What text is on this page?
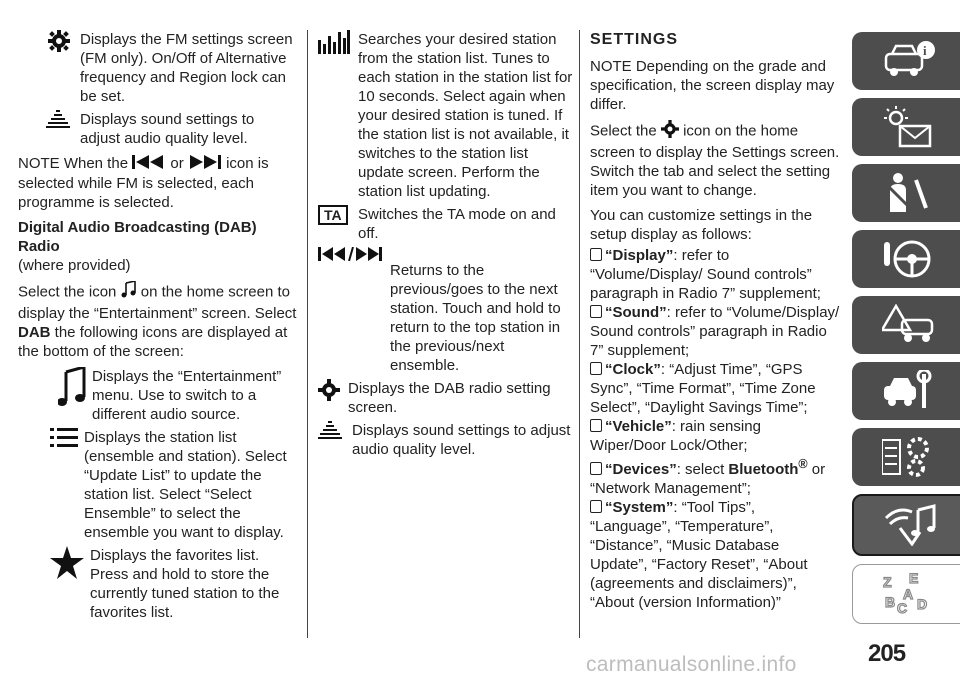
Displays the FM settings screen (FM only). On/Off of Alternative frequency and Region lock can be set.
Displays sound settings to adjust audio quality level.

NOTE When the	or	icon is selected while FM is selected, each programme is selected.

Digital Audio Broadcasting (DAB) Radio

(where provided)

Select the icon on the home screen to display the “Entertainment” screen. Select DAB the following icons are displayed at the bottom of the screen:

Displays the “Entertainment” menu. Use to switch to a different audio source.
Displays the station list (ensemble and station). Select “Update List” to update the station list. Select “Select Ensemble” to select the ensemble you want to display.
Displays the favorites list. Press and hold to store the currently tuned station to the favorites list.
Searches your desired station from the station list. Tunes to each station in the station list for 10 seconds. Select again when your desired station is tuned. If the station list is not available, it switches to the station list update screen. Perform the station list updating.
TA	Switches the TA mode on and off.
Returns to the previous/goes to the next station. Touch and hold to return to the top station in the previous/next ensemble.
Displays the DAB radio setting screen.
Displays sound settings to adjust audio quality level.
SETTINGS

NOTE Depending on the grade and specification, the screen display may differ.

Select the icon on the home screen to display the Settings screen. Switch the tab and select the setting item you want to change.

You can customize settings in the setup display as follows:

“Display”: refer to “Volume/Display/ Sound controls” paragraph in Radio 7” supplement;
“Sound”: refer to “Volume/Display/ Sound controls” paragraph in Radio 7” supplement;
“Clock”: “Adjust Time”, “GPS Sync”, “Time Format”, “Time Zone Select”, “Daylight Savings Time”;
“Vehicle”: rain sensing Wiper/Door Lock/Other;
“Devices”: select Bluetooth® or “Network Management”;
“System”: “Tool Tips”, “Language”, “Temperature”, “Distance”, “Music Database Update”, “Factory Reset”, “About (agreements and disclaimers)”, “About (version Information)”
i
Z E
B A
C D
205
carmanualsonline.info
